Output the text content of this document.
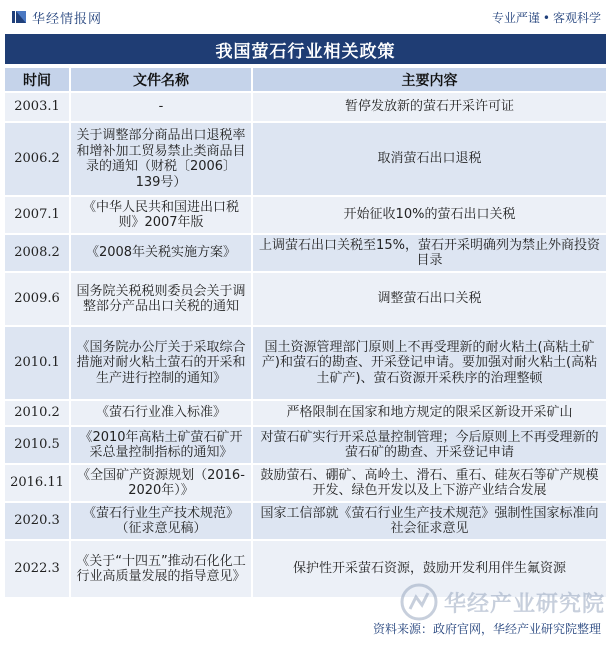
华经情报网	专业严谨 • 客观科学
我国萤石行业相关政策
时间	文件名称	主要内容
2003.1	-	暂停发放新的萤石开采许可证
2006.2	关于调整部分商品出口退税率和增补加工贸易禁止类商品目录的通知（财税〔2006〕139号）	取消萤石出口退税
2007.1	《中华人民共和国进出口税则》2007年版	开始征收10%的萤石出口关税
2008.2	《2008年关税实施方案》	上调萤石出口关税至15%，萤石开采明确列为禁止外商投资目录
2009.6	国务院关税税则委员会关于调整部分产品出口关税的通知	调整萤石出口关税
2010.1	《国务院办公厅关于采取综合措施对耐火粘土萤石的开采和生产进行控制的通知》	国土资源管理部门原则上不再受理新的耐火粘土(高粘土矿产)和萤石的勘查、开采登记申请。要加强对耐火粘土(高粘土矿产)、萤石资源开采秩序的治理整顿
2010.2	《萤石行业准入标准》	严格限制在国家和地方规定的限采区新设开采矿山
2010.5	《2010年高粘土矿萤石矿开采总量控制指标的通知》	对萤石矿实行开采总量控制管理；今后原则上不再受理新的萤石矿的勘查、开采登记申请
2016.11	《全国矿产资源规划（2016-2020年）》	鼓励萤石、硼矿、高岭土、滑石、重石、硅灰石等矿产规模开发、绿色开发以及上下游产业结合发展
2020.3	《萤石行业生产技术规范》（征求意见稿）	国家工信部就《萤石行业生产技术规范》强制性国家标准向社会征求意见
2022.3	《关于“十四五”推动石化化工行业高质量发展的指导意见》	保护性开采萤石资源，鼓励开发利用伴生氟资源
华经产业研究院
资料来源：政府官网，华经产业研究院整理
